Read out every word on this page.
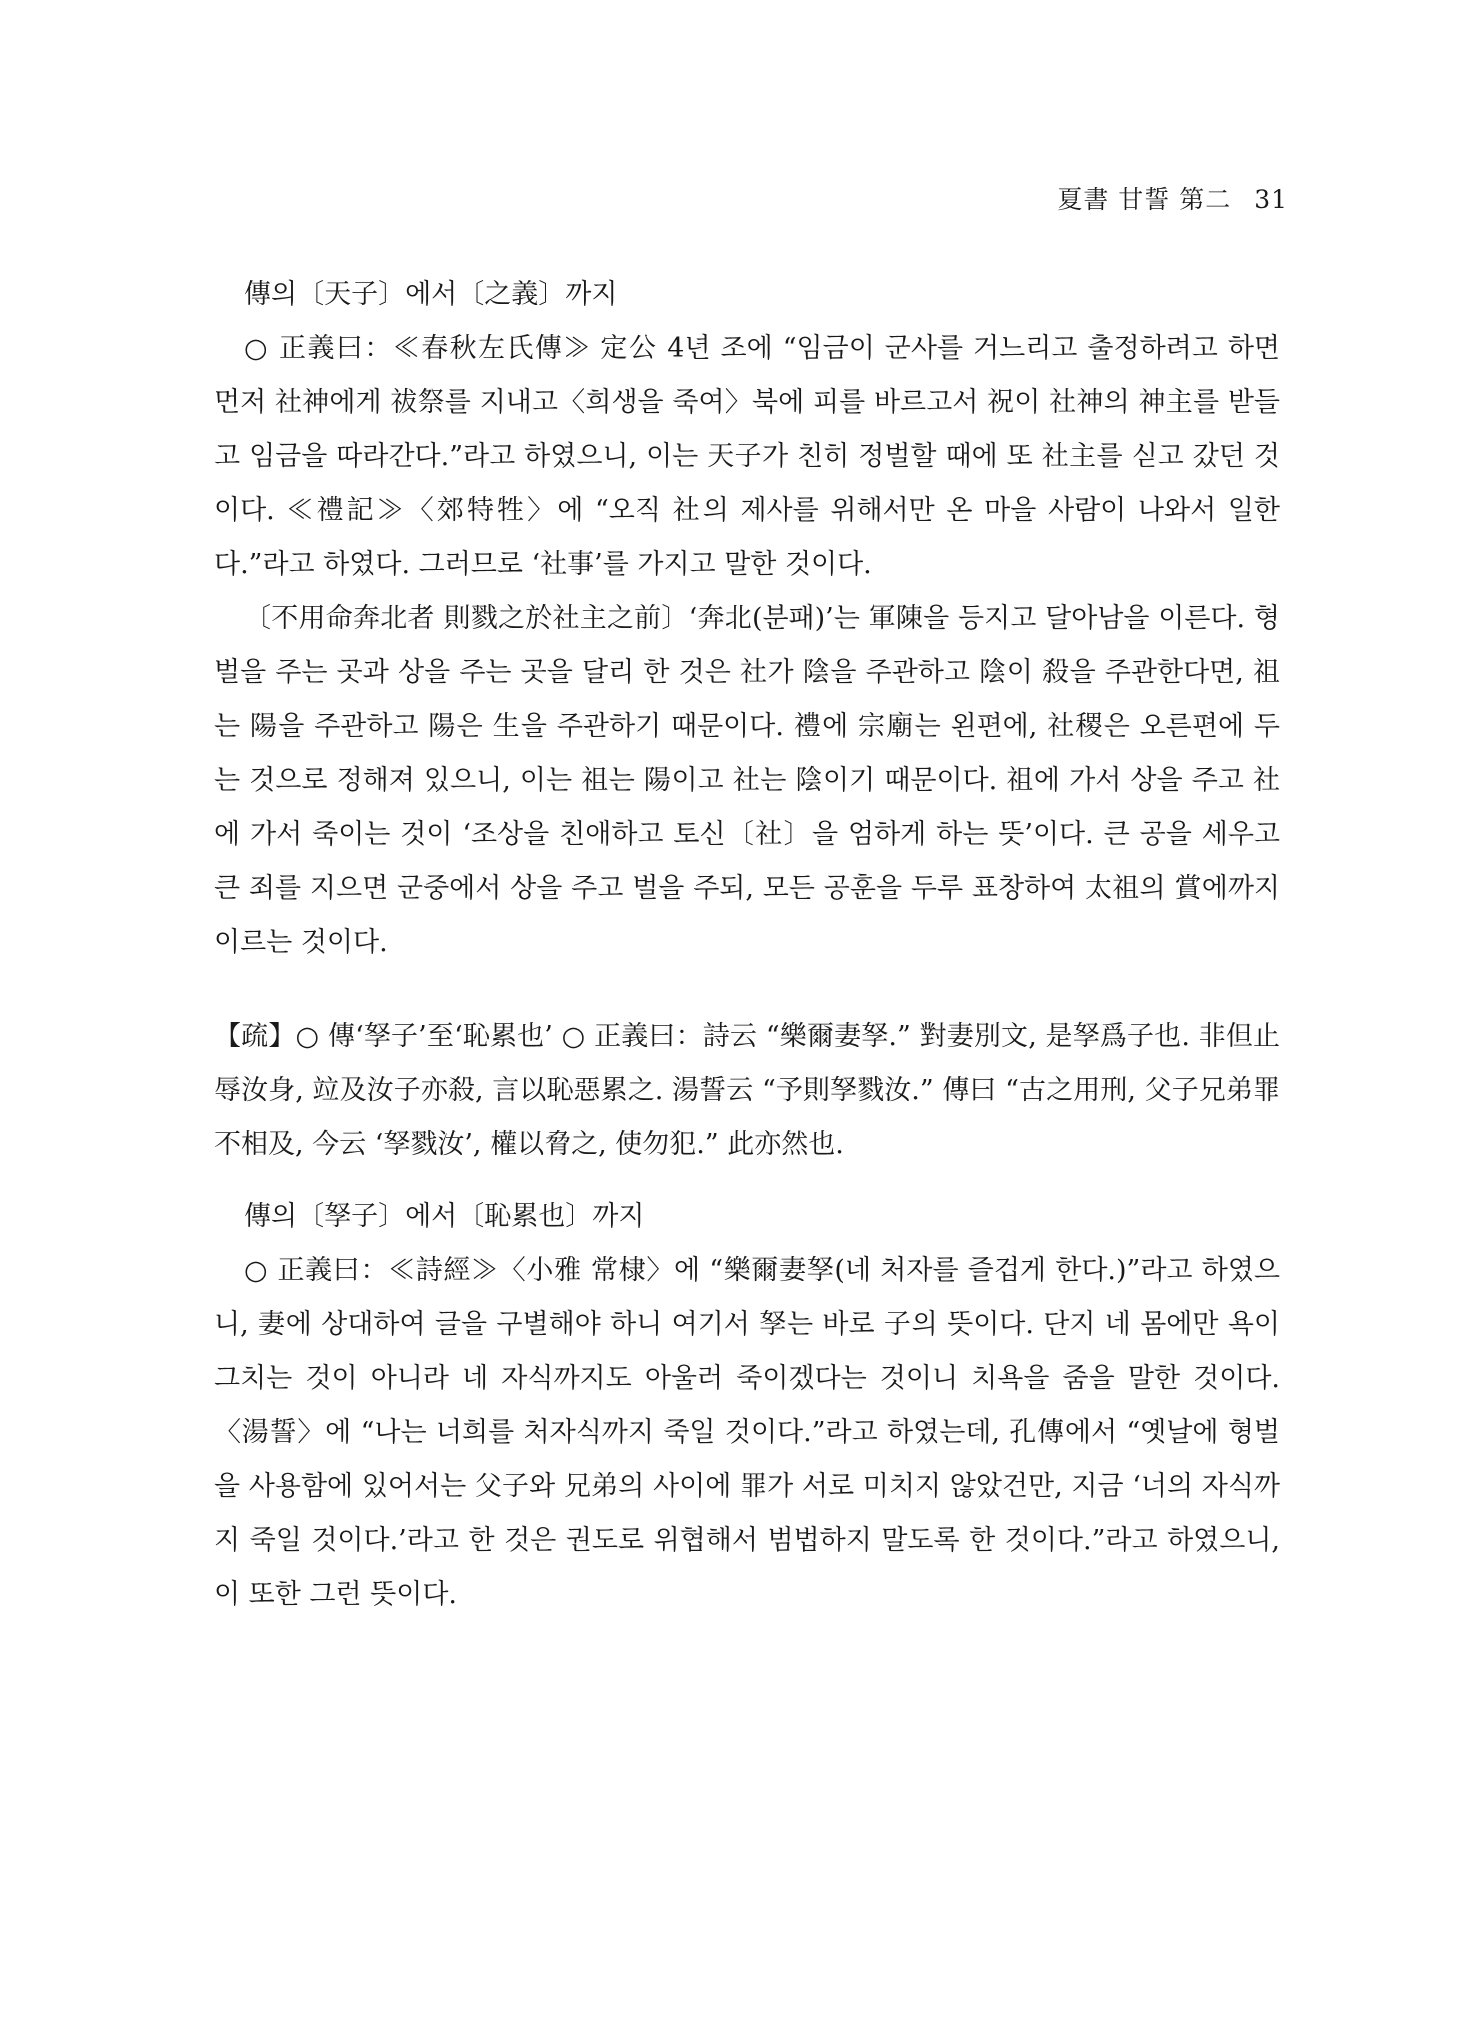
夏書 甘誓 第二 31

傳의〔天子〕에서〔之義〕까지

○ 正義曰：≪春秋左氏傳≫ 定公 4년 조에 “임금이 군사를 거느리고 출정하려고 하면 먼저 社神에게 祓祭를 지내고〈희생을 죽여〉북에 피를 바르고서 祝이 社神의 神主를 받들고 임금을 따라간다.”라고 하였으니, 이는 天子가 친히 정벌할 때에 또 社主를 싣고 갔던 것이다. ≪禮記≫〈郊特牲〉에 “오직 社의 제사를 위해서만 온 마을 사람이 나와서 일한다.”라고 하였다. 그러므로 ‘社事’를 가지고 말한 것이다.

〔不用命奔北者 則戮之於社主之前〕‘奔北(분패)’는 軍陳을 등지고 달아남을 이른다. 형벌을 주는 곳과 상을 주는 곳을 달리 한 것은 社가 陰을 주관하고 陰이 殺을 주관한다면, 祖는 陽을 주관하고 陽은 生을 주관하기 때문이다. 禮에 宗廟는 왼편에, 社稷은 오른편에 두는 것으로 정해져 있으니, 이는 祖는 陽이고 社는 陰이기 때문이다. 祖에 가서 상을 주고 社에 가서 죽이는 것이 ‘조상을 친애하고 토신〔社〕을 엄하게 하는 뜻’이다. 큰 공을 세우고 큰 죄를 지으면 군중에서 상을 주고 벌을 주되, 모든 공훈을 두루 표창하여 太祖의 賞에까지 이르는 것이다.

【疏】○ 傳‘孥子’至‘恥累也’ ○ 正義曰：詩云 “樂爾妻孥.” 對妻別文, 是孥爲子也. 非但止辱汝身, 竝及汝子亦殺, 言以恥惡累之. 湯誓云 “予則孥戮汝.” 傳曰 “古之用刑, 父子兄弟罪不相及, 今云 ‘孥戮汝’, 權以脅之, 使勿犯.” 此亦然也.

傳의〔孥子〕에서〔恥累也〕까지

○ 正義曰：≪詩經≫〈小雅 常棣〉에 “樂爾妻孥(네 처자를 즐겁게 한다.)”라고 하였으니, 妻에 상대하여 글을 구별해야 하니 여기서 孥는 바로 子의 뜻이다. 단지 네 몸에만 욕이 그치는 것이 아니라 네 자식까지도 아울러 죽이겠다는 것이니 치욕을 줌을 말한 것이다. 〈湯誓〉에 “나는 너희를 처자식까지 죽일 것이다.”라고 하였는데, 孔傳에서 “옛날에 형벌을 사용함에 있어서는 父子와 兄弟의 사이에 罪가 서로 미치지 않았건만, 지금 ‘너의 자식까지 죽일 것이다.’라고 한 것은 권도로 위협해서 범법하지 말도록 한 것이다.”라고 하였으니, 이 또한 그런 뜻이다.
